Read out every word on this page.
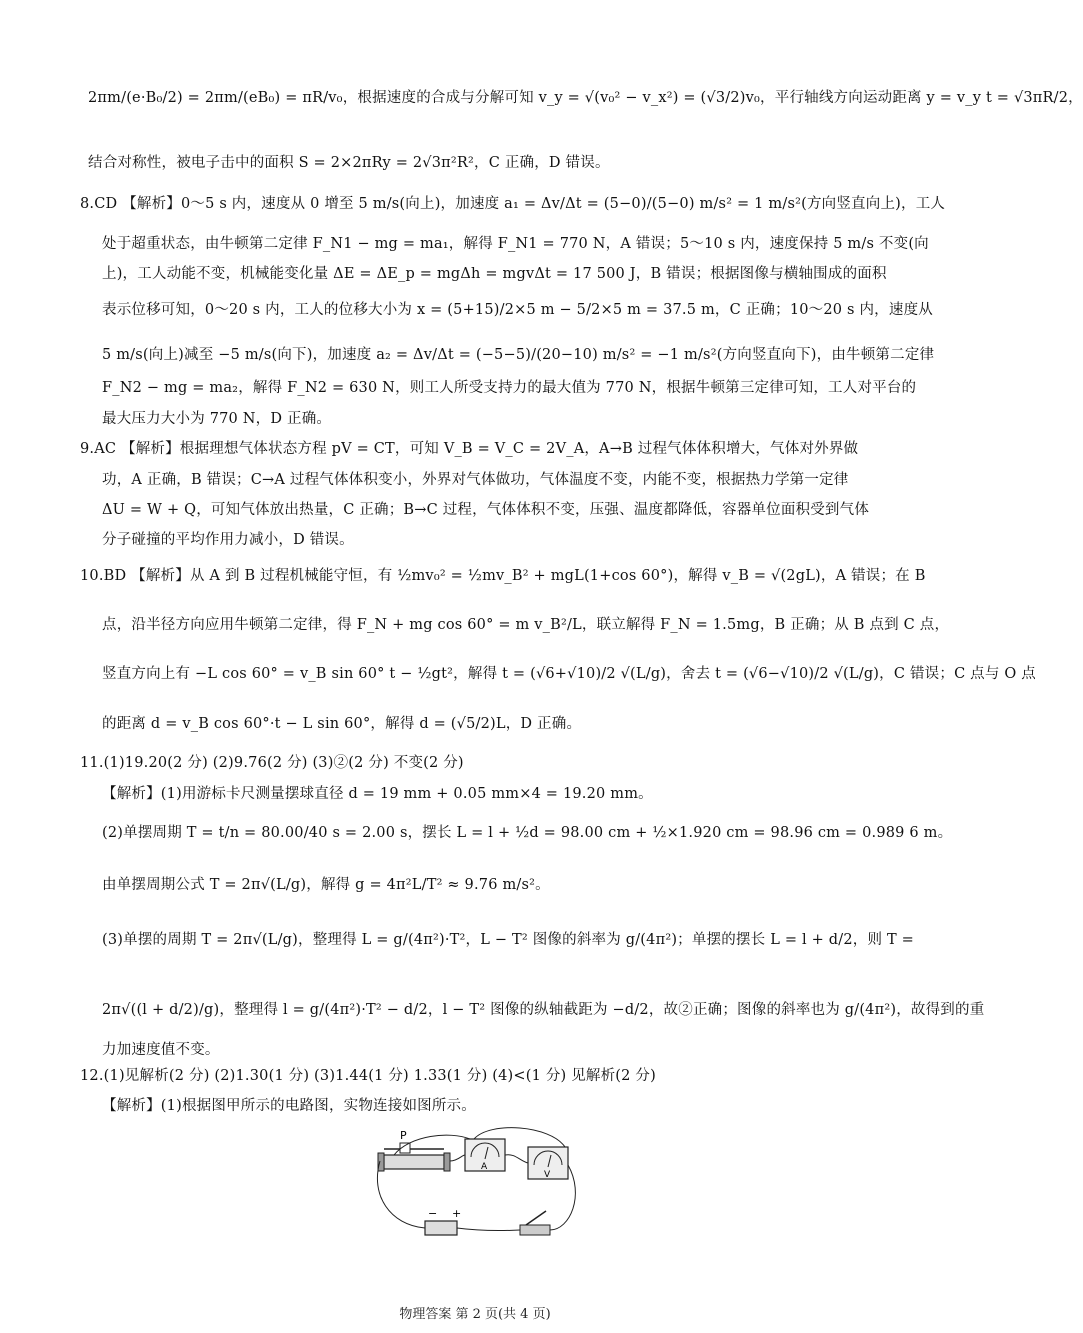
2πm/(e·B₀/2) = 2πm/(eB₀) = πR/v₀，根据速度的合成与分解可知 v_y = √(v₀² − v_x²) = (√3/2)v₀，平行轴线方向运动距离 y = v_y t = √3πR/2，
结合对称性，被电子击中的面积 S = 2×2πRy = 2√3π²R²，C 正确，D 错误。
8.CD 【解析】0～5 s 内，速度从 0 增至 5 m/s(向上)，加速度 a₁ = Δv/Δt = (5−0)/(5−0) m/s² = 1 m/s²(方向竖直向上)，工人
处于超重状态，由牛顿第二定律 F_N1 − mg = ma₁，解得 F_N1 = 770 N，A 错误；5～10 s 内，速度保持 5 m/s 不变(向
上)，工人动能不变，机械能变化量 ΔE = ΔE_p = mgΔh = mgvΔt = 17 500 J，B 错误；根据图像与横轴围成的面积
表示位移可知，0～20 s 内，工人的位移大小为 x = (5+15)/2×5 m − 5/2×5 m = 37.5 m，C 正确；10～20 s 内，速度从
5 m/s(向上)减至 −5 m/s(向下)，加速度 a₂ = Δv/Δt = (−5−5)/(20−10) m/s² = −1 m/s²(方向竖直向下)，由牛顿第二定律
F_N2 − mg = ma₂，解得 F_N2 = 630 N，则工人所受支持力的最大值为 770 N，根据牛顿第三定律可知，工人对平台的
最大压力大小为 770 N，D 正确。
9.AC 【解析】根据理想气体状态方程 pV = CT，可知 V_B = V_C = 2V_A，A→B 过程气体体积增大，气体对外界做
功，A 正确，B 错误；C→A 过程气体体积变小，外界对气体做功，气体温度不变，内能不变，根据热力学第一定律
ΔU = W + Q，可知气体放出热量，C 正确；B→C 过程，气体体积不变，压强、温度都降低，容器单位面积受到气体
分子碰撞的平均作用力减小，D 错误。
10.BD 【解析】从 A 到 B 过程机械能守恒，有 ½mv₀² = ½mv_B² + mgL(1+cos 60°)，解得 v_B = √(2gL)，A 错误；在 B
点，沿半径方向应用牛顿第二定律，得 F_N + mg cos 60° = m v_B²/L，联立解得 F_N = 1.5mg，B 正确；从 B 点到 C 点，
竖直方向上有 −L cos 60° = v_B sin 60° t − ½gt²，解得 t = (√6+√10)/2 √(L/g)，舍去 t = (√6−√10)/2 √(L/g)，C 错误；C 点与 O 点
的距离 d = v_B cos 60°·t − L sin 60°，解得 d = (√5/2)L，D 正确。
11.(1)19.20(2 分) (2)9.76(2 分) (3)②(2 分) 不变(2 分)
【解析】(1)用游标卡尺测量摆球直径 d = 19 mm + 0.05 mm×4 = 19.20 mm。
(2)单摆周期 T = t/n = 80.00/40 s = 2.00 s，摆长 L = l + ½d = 98.00 cm + ½×1.920 cm = 98.96 cm = 0.989 6 m。
由单摆周期公式 T = 2π√(L/g)，解得 g = 4π²L/T² ≈ 9.76 m/s²。
(3)单摆的周期 T = 2π√(L/g)，整理得 L = g/(4π²)·T²，L − T² 图像的斜率为 g/(4π²)；单摆的摆长 L = l + d/2，则 T =
2π√((l + d/2)/g)，整理得 l = g/(4π²)·T² − d/2，l − T² 图像的纵轴截距为 −d/2，故②正确；图像的斜率也为 g/(4π²)，故得到的重
力加速度值不变。
12.(1)见解析(2 分) (2)1.30(1 分) (3)1.44(1 分) 1.33(1 分) (4)<(1 分) 见解析(2 分)
【解析】(1)根据图甲所示的电路图，实物连接如图所示。
P
A
V
− +
物理答案 第 2 页(共 4 页)
